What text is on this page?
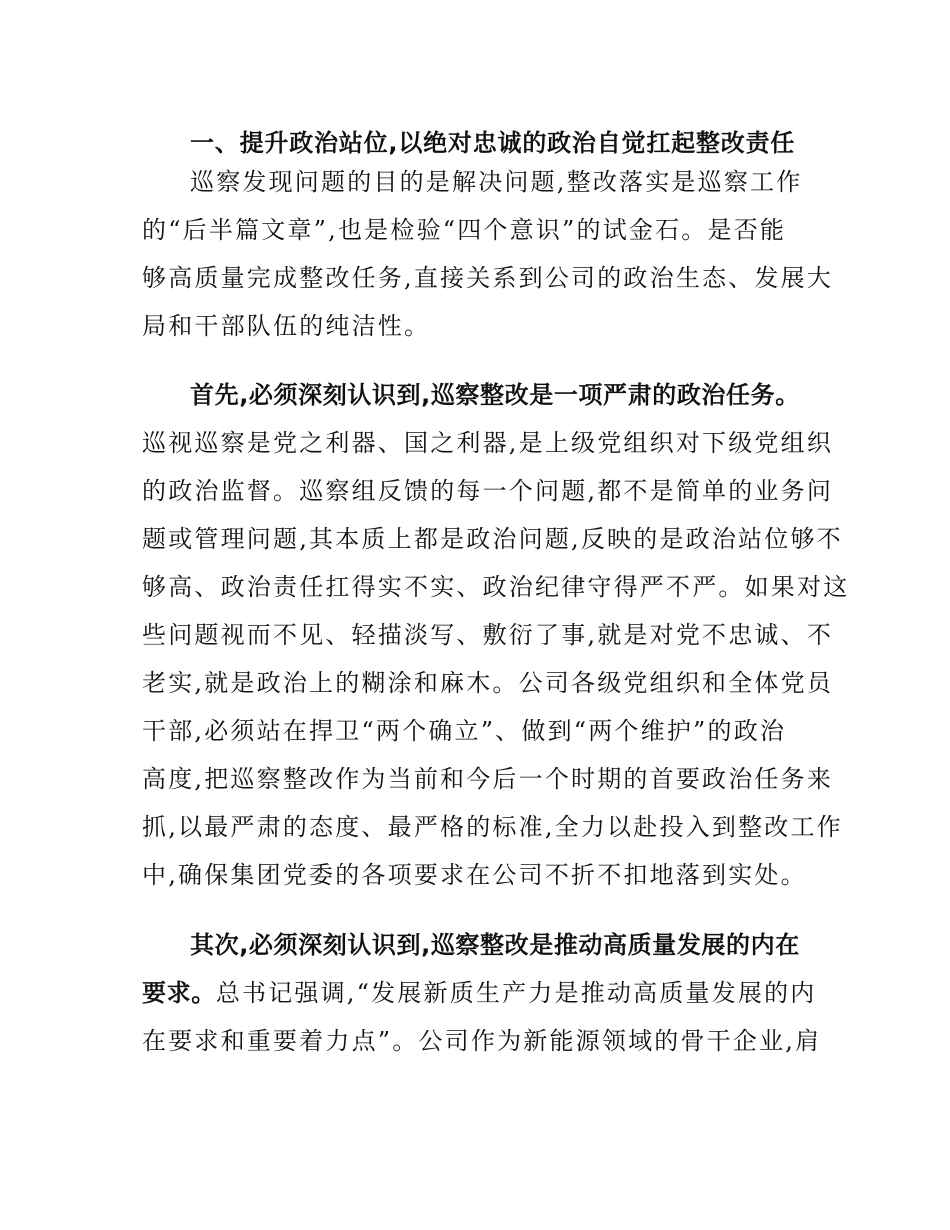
一、提升政治站位,以绝对忠诚的政治自觉扛起整改责任
巡察发现问题的目的是解决问题,整改落实是巡察工作
的“后半篇文章”,也是检验“四个意识”的试金石。是否能
够高质量完成整改任务,直接关系到公司的政治生态、发展大
局和干部队伍的纯洁性。
首先,必须深刻认识到,巡察整改是一项严肃的政治任务。
巡视巡察是党之利器、国之利器,是上级党组织对下级党组织
的政治监督。巡察组反馈的每一个问题,都不是简单的业务问
题或管理问题,其本质上都是政治问题,反映的是政治站位够不
够高、政治责任扛得实不实、政治纪律守得严不严。如果对这
些问题视而不见、轻描淡写、敷衍了事,就是对党不忠诚、不
老实,就是政治上的糊涂和麻木。公司各级党组织和全体党员
干部,必须站在捍卫“两个确立”、做到“两个维护”的政治
高度,把巡察整改作为当前和今后一个时期的首要政治任务来
抓,以最严肃的态度、最严格的标准,全力以赴投入到整改工作
中,确保集团党委的各项要求在公司不折不扣地落到实处。
其次,必须深刻认识到,巡察整改是推动高质量发展的内在
要求。总书记强调,“发展新质生产力是推动高质量发展的内
在要求和重要着力点”。公司作为新能源领域的骨干企业,肩
